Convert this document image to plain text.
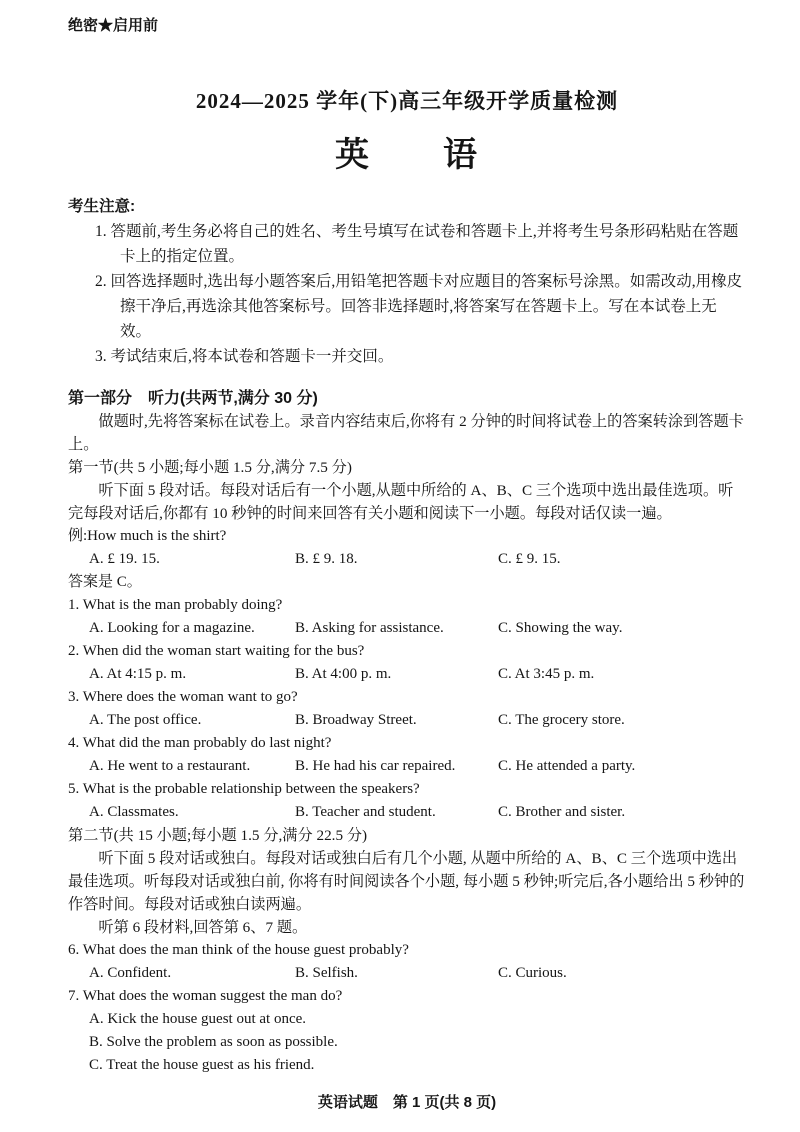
绝密★启用前
2024—2025 学年(下)高三年级开学质量检测
英　　语
考生注意:
1. 答题前,考生务必将自己的姓名、考生号填写在试卷和答题卡上,并将考生号条形码粘贴在答题卡上的指定位置。
2. 回答选择题时,选出每小题答案后,用铅笔把答题卡对应题目的答案标号涂黑。如需改动,用橡皮擦干净后,再选涂其他答案标号。回答非选择题时,将答案写在答题卡上。写在本试卷上无效。
3. 考试结束后,将本试卷和答题卡一并交回。
第一部分　听力(共两节,满分 30 分)

做题时,先将答案标在试卷上。录音内容结束后,你将有 2 分钟的时间将试卷上的答案转涂到答题卡上。

第一节(共 5 小题;每小题 1.5 分,满分 7.5 分)

听下面 5 段对话。每段对话后有一个小题,从题中所给的 A、B、C 三个选项中选出最佳选项。听完每段对话后,你都有 10 秒钟的时间来回答有关小题和阅读下一小题。每段对话仅读一遍。

例:How much is the shirt?
A. £ 19. 15.	B. £ 9. 18.	C. £ 9. 15.
答案是 C。
1. What is the man probably doing?
A. Looking for a magazine.	B. Asking for assistance.	C. Showing the way.
2. When did the woman start waiting for the bus?
A. At 4:15 p. m.	B. At 4:00 p. m.	C. At 3:45 p. m.
3. Where does the woman want to go?
A. The post office.	B. Broadway Street.	C. The grocery store.
4. What did the man probably do last night?
A. He went to a restaurant.	B. He had his car repaired.	C. He attended a party.
5. What is the probable relationship between the speakers?
A. Classmates.	B. Teacher and student.	C. Brother and sister.
第二节(共 15 小题;每小题 1.5 分,满分 22.5 分)

听下面 5 段对话或独白。每段对话或独白后有几个小题, 从题中所给的 A、B、C 三个选项中选出最佳选项。听每段对话或独白前, 你将有时间阅读各个小题, 每小题 5 秒钟;听完后,各小题给出 5 秒钟的作答时间。每段对话或独白读两遍。

听第 6 段材料,回答第 6、7 题。
6. What does the man think of the house guest probably?
A. Confident.	B. Selfish.	C. Curious.
7. What does the woman suggest the man do?
A. Kick the house guest out at once.
B. Solve the problem as soon as possible.
C. Treat the house guest as his friend.
英语试题　第 1 页(共 8 页)
